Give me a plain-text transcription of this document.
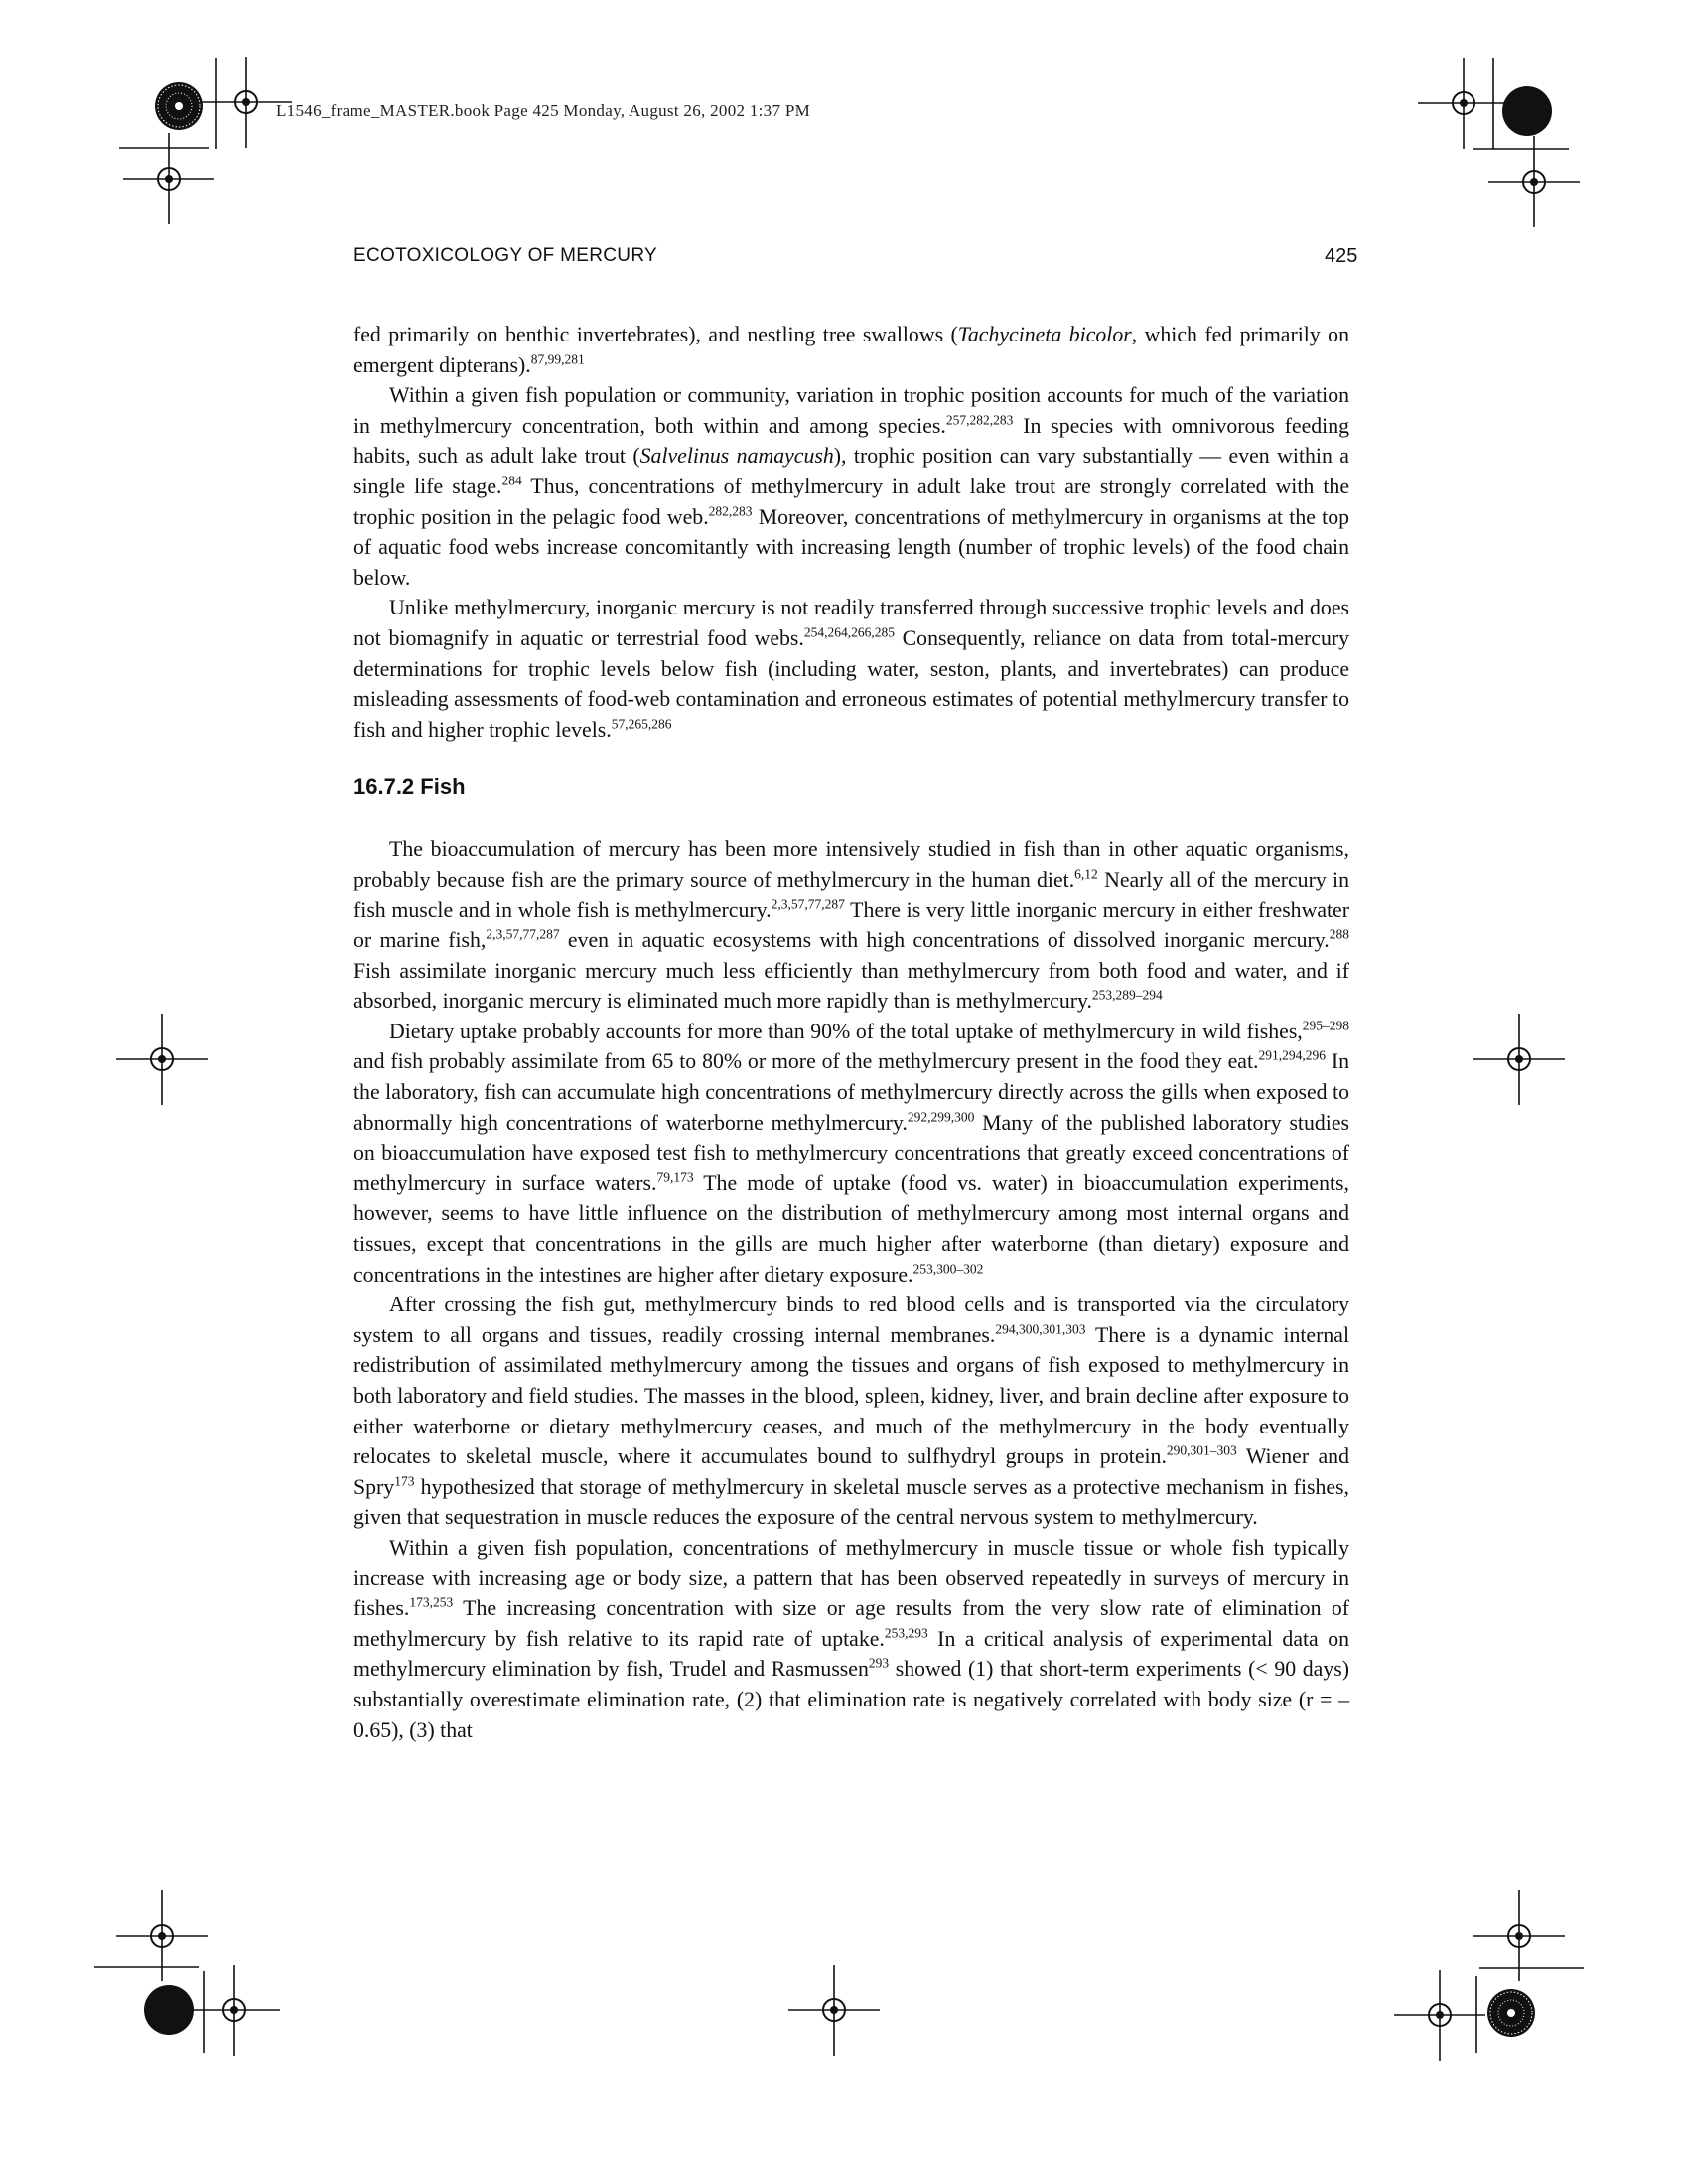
L1546_frame_MASTER.book Page 425 Monday, August 26, 2002 1:37 PM
ECOTOXICOLOGY OF MERCURY	425

fed primarily on benthic invertebrates), and nestling tree swallows (Tachycineta bicolor, which fed primarily on emergent dipterans).$^{87,99,281}$

Within a given fish population or community, variation in trophic position accounts for much of the variation in methylmercury concentration, both within and among species.$^{257,282,283}$ In species with omnivorous feeding habits, such as adult lake trout (Salvelinus namaycush), trophic position can vary substantially — even within a single life stage.$^{284}$ Thus, concentrations of methylmercury in adult lake trout are strongly correlated with the trophic position in the pelagic food web.$^{282,283}$ Moreover, concentrations of methylmercury in organisms at the top of aquatic food webs increase concomitantly with increasing length (number of trophic levels) of the food chain below.

Unlike methylmercury, inorganic mercury is not readily transferred through successive trophic levels and does not biomagnify in aquatic or terrestrial food webs.$^{254,264,266,285}$ Consequently, reliance on data from total-mercury determinations for trophic levels below fish (including water, seston, plants, and invertebrates) can produce misleading assessments of food-web contamination and erroneous estimates of potential methylmercury transfer to fish and higher trophic levels.$^{57,265,286}$

16.7.2 Fish

The bioaccumulation of mercury has been more intensively studied in fish than in other aquatic organisms, probably because fish are the primary source of methylmercury in the human diet.$^{6,12}$ Nearly all of the mercury in fish muscle and in whole fish is methylmercury.$^{2,3,57,77,287}$ There is very little inorganic mercury in either freshwater or marine fish,$^{2,3,57,77,287}$ even in aquatic ecosystems with high concentrations of dissolved inorganic mercury.$^{288}$ Fish assimilate inorganic mercury much less efficiently than methylmercury from both food and water, and if absorbed, inorganic mercury is eliminated much more rapidly than is methylmercury.$^{253,289-294}$

Dietary uptake probably accounts for more than 90% of the total uptake of methylmercury in wild fishes,$^{295-298}$ and fish probably assimilate from 65 to 80% or more of the methylmercury present in the food they eat.$^{291,294,296}$ In the laboratory, fish can accumulate high concentrations of methylmercury directly across the gills when exposed to abnormally high concentrations of waterborne methylmercury.$^{292,299,300}$ Many of the published laboratory studies on bioaccumulation have exposed test fish to methylmercury concentrations that greatly exceed concentrations of methylmercury in surface waters.$^{79,173}$ The mode of uptake (food vs. water) in bioaccumulation experiments, however, seems to have little influence on the distribution of methylmercury among most internal organs and tissues, except that concentrations in the gills are much higher after waterborne (than dietary) exposure and concentrations in the intestines are higher after dietary exposure.$^{253,300-302}$

After crossing the fish gut, methylmercury binds to red blood cells and is transported via the circulatory system to all organs and tissues, readily crossing internal membranes.$^{294,300,301,303}$ There is a dynamic internal redistribution of assimilated methylmercury among the tissues and organs of fish exposed to methylmercury in both laboratory and field studies. The masses in the blood, spleen, kidney, liver, and brain decline after exposure to either waterborne or dietary methylmercury ceases, and much of the methylmercury in the body eventually relocates to skeletal muscle, where it accumulates bound to sulfhydryl groups in protein.$^{290,301-303}$ Wiener and Spry$^{173}$ hypothesized that storage of methylmercury in skeletal muscle serves as a protective mechanism in fishes, given that sequestration in muscle reduces the exposure of the central nervous system to methylmercury.

Within a given fish population, concentrations of methylmercury in muscle tissue or whole fish typically increase with increasing age or body size, a pattern that has been observed repeatedly in surveys of mercury in fishes.$^{173,253}$ The increasing concentration with size or age results from the very slow rate of elimination of methylmercury by fish relative to its rapid rate of uptake.$^{253,293}$ In a critical analysis of experimental data on methylmercury elimination by fish, Trudel and Rasmussen$^{293}$ showed (1) that short-term experiments (< 90 days) substantially overestimate elimination rate, (2) that elimination rate is negatively correlated with body size (r = –0.65), (3) that
